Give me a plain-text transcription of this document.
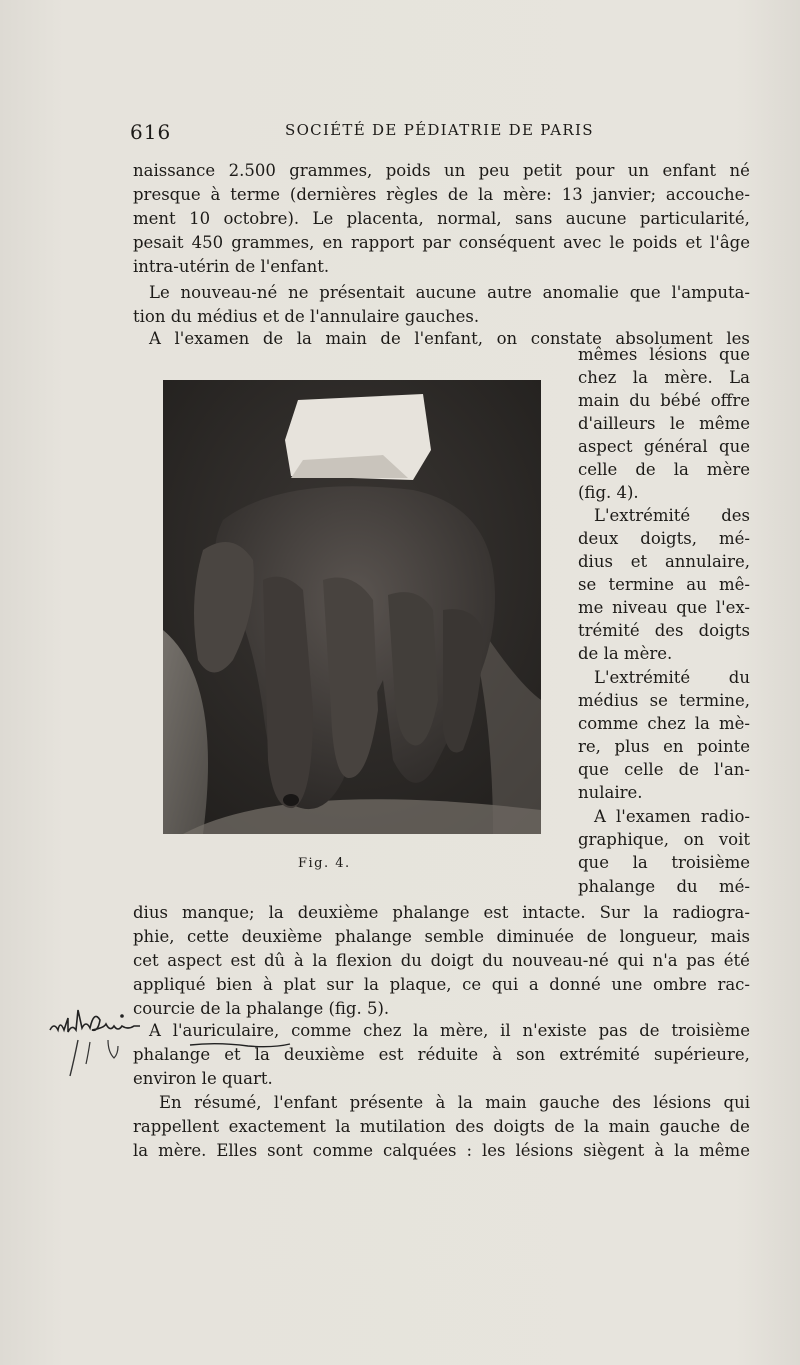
616	SOCIÉTÉ DE PÉDIATRIE DE PARIS
naissance 2.500 grammes, poids un peu petit pour un enfant né
presque à terme (dernières règles de la mère: 13 janvier; accouche-
ment 10 octobre). Le placenta, normal, sans aucune particularité,
pesait 450 grammes, en rapport par conséquent avec le poids et l'âge
intra-utérin de l'enfant.
Le nouveau-né ne présentait aucune autre anomalie que l'amputa-
tion du médius et de l'annulaire gauches.
A l'examen de la main de l'enfant, on constate absolument les
mêmes lésions que
chez la mère. La
main du bébé offre
d'ailleurs le même
aspect général que
celle de la mère
(fig. 4).
L'extrémité des
deux doigts, mé-
dius et annulaire,
se termine au mê-
me niveau que l'ex-
trémité des doigts
de la mère.
L'extrémité du
médius se termine,
comme chez la mè-
re, plus en pointe
que celle de l'an-
nulaire.
A l'examen radio-
graphique, on voit
que la troisième
phalange du mé-
Fig. 4.
dius manque; la deuxième phalange est intacte. Sur la radiogra-
phie, cette deuxième phalange semble diminuée de longueur, mais
cet aspect est dû à la flexion du doigt du nouveau-né qui n'a pas été
appliqué bien à plat sur la plaque, ce qui a donné une ombre rac-
courcie de la phalange (fig. 5).
A l'auriculaire, comme chez la mère, il n'existe pas de troisième
phalange et la deuxième est réduite à son extrémité supérieure,
environ le quart.
En résumé, l'enfant présente à la main gauche des lésions qui
rappellent exactement la mutilation des doigts de la main gauche de
la mère. Elles sont comme calquées : les lésions siègent à la même
